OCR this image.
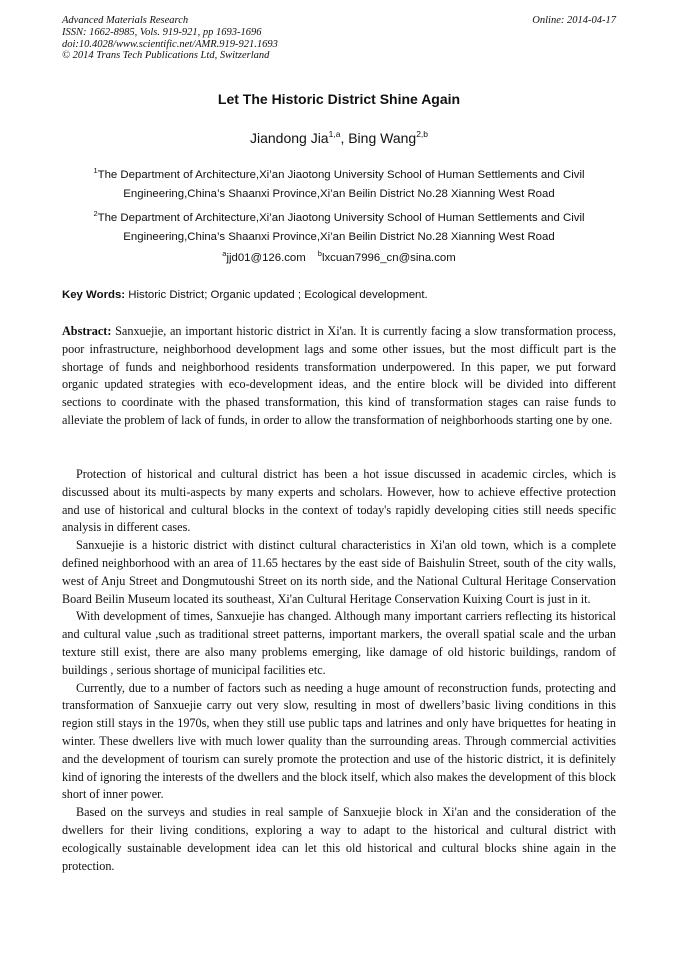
Advanced Materials Research
ISSN: 1662-8985, Vols. 919-921, pp 1693-1696
doi:10.4028/www.scientific.net/AMR.919-921.1693
© 2014 Trans Tech Publications Ltd, Switzerland
Online: 2014-04-17
Let The Historic District Shine Again
Jiandong Jia$^{1,a}$, Bing Wang$^{2,b}$
$^1$The Department of Architecture,Xi’an Jiaotong University School of Human Settlements and Civil Engineering,China’s Shaanxi Province,Xi’an Beilin District No.28 Xianning West Road
$^2$The Department of Architecture,Xi’an Jiaotong University School of Human Settlements and Civil Engineering,China’s Shaanxi Province,Xi’an Beilin District No.28 Xianning West Road
$^a$jjd01@126.com $^b$lxcuan7996_cn@sina.com
Key Words: Historic District; Organic updated ; Ecological development.
Abstract: Sanxuejie, an important historic district in Xi'an. It is currently facing a slow transformation process, poor infrastructure, neighborhood development lags and some other issues, but the most difficult part is the shortage of funds and neighborhood residents transformation underpowered. In this paper, we put forward organic updated strategies with eco-development ideas, and the entire block will be divided into different sections to coordinate with the phased transformation, this kind of transformation stages can raise funds to alleviate the problem of lack of funds, in order to allow the transformation of neighborhoods starting one by one.

Protection of historical and cultural district has been a hot issue discussed in academic circles, which is discussed about its multi-aspects by many experts and scholars. However, how to achieve effective protection and use of historical and cultural blocks in the context of today's rapidly developing cities still needs specific analysis in different cases.

Sanxuejie is a historic district with distinct cultural characteristics in Xi'an old town, which is a complete defined neighborhood with an area of 11.65 hectares by the east side of Baishulin Street, south of the city walls, west of Anju Street and Dongmutoushi Street on its north side, and the National Cultural Heritage Conservation Board Beilin Museum located its southeast, Xi'an Cultural Heritage Conservation Kuixing Court is just in it.

With development of times, Sanxuejie has changed. Although many important carriers reflecting its historical and cultural value ,such as traditional street patterns, important markers, the overall spatial scale and the urban texture still exist, there are also many problems emerging, like damage of old historic buildings, random of buildings , serious shortage of municipal facilities etc.

Currently, due to a number of factors such as needing a huge amount of reconstruction funds, protecting and transformation of Sanxuejie carry out very slow, resulting in most of dwellers’basic living conditions in this region still stays in the 1970s, when they still use public taps and latrines and only have briquettes for heating in winter. These dwellers live with much lower quality than the surrounding areas. Through commercial activities and the development of tourism can surely promote the protection and use of the historic district, it is definitely kind of ignoring the interests of the dwellers and the block itself, which also makes the development of this block short of inner power.

Based on the surveys and studies in real sample of Sanxuejie block in Xi'an and the consideration of the dwellers for their living conditions, exploring a way to adapt to the historical and cultural district with ecologically sustainable development idea can let this old historical and cultural blocks shine again in the protection.
